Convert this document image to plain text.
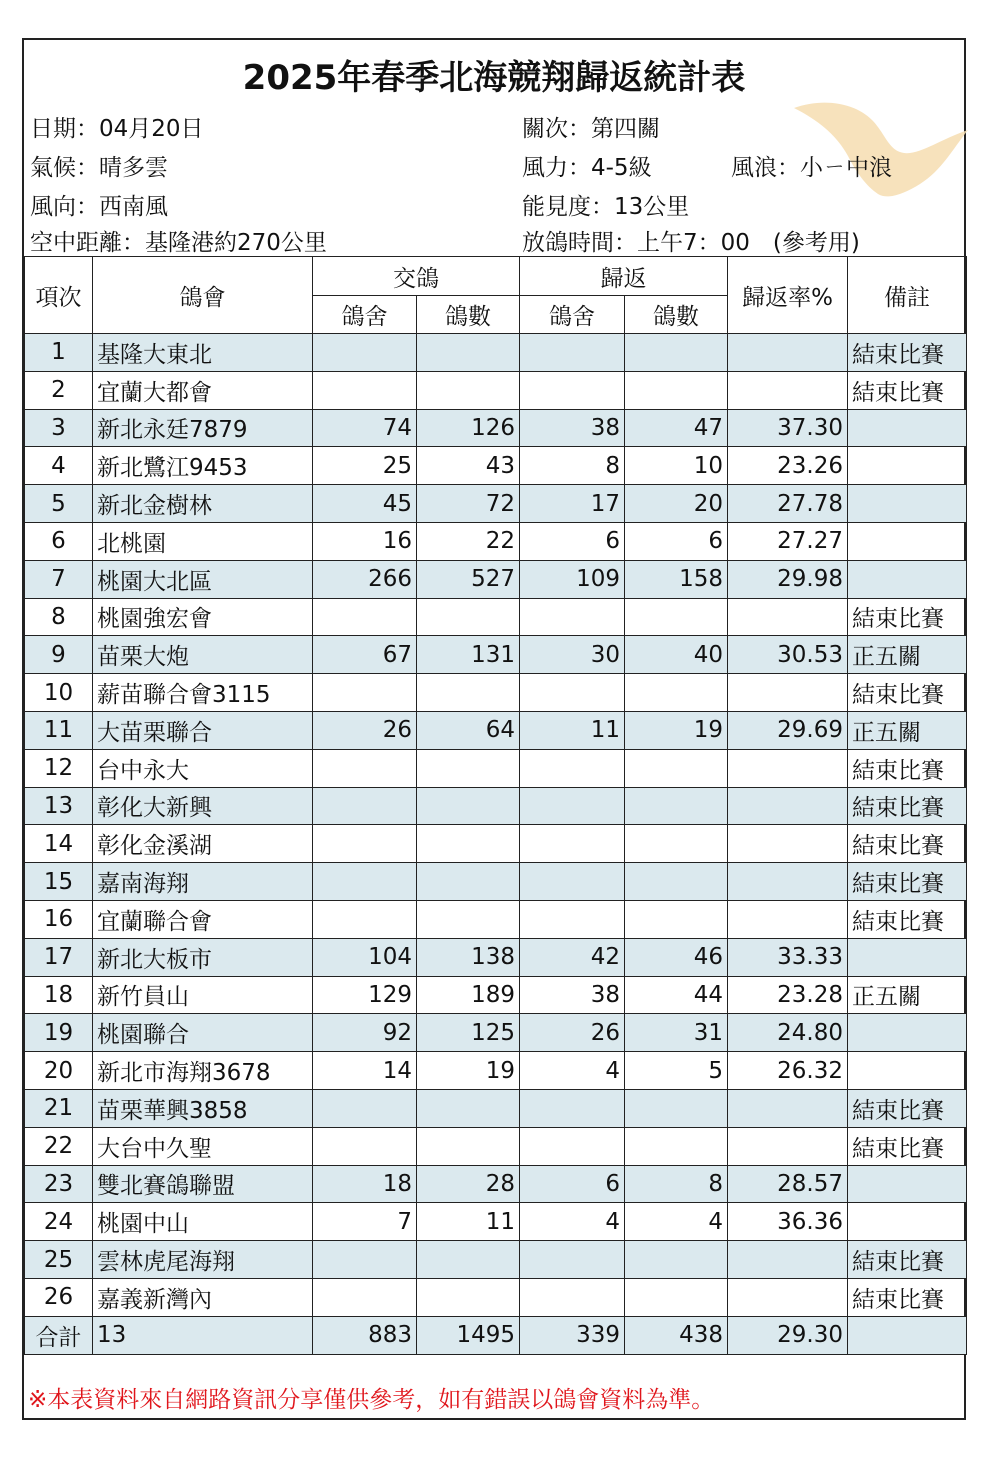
2025年春季北海競翔歸返統計表
日期：04月20日	關次：第四關
氣候：晴多雲	風力：4-5級	風浪：小ㄧ中浪
風向：西南風	能見度：13公里
空中距離：基隆港約270公里	放鴿時間：上午7：00　(參考用)
項次	鴿會	交鴿		歸返		歸返率%	備註
		鴿舍	鴿數	鴿舍	鴿數		
1	基隆大東北						結束比賽
2	宜蘭大都會						結束比賽
3	新北永廷7879	74	126	38	47	37.30	
4	新北鷺江9453	25	43	8	10	23.26	
5	新北金樹林	45	72	17	20	27.78	
6	北桃園	16	22	6	6	27.27	
7	桃園大北區	266	527	109	158	29.98	
8	桃園強宏會						結束比賽
9	苗栗大炮	67	131	30	40	30.53	正五關
10	薪苗聯合會3115						結束比賽
11	大苗栗聯合	26	64	11	19	29.69	正五關
12	台中永大						結束比賽
13	彰化大新興						結束比賽
14	彰化金溪湖						結束比賽
15	嘉南海翔						結束比賽
16	宜蘭聯合會						結束比賽
17	新北大板市	104	138	42	46	33.33	
18	新竹員山	129	189	38	44	23.28	正五關
19	桃園聯合	92	125	26	31	24.80	
20	新北市海翔3678	14	19	4	5	26.32	
21	苗栗華興3858						結束比賽
22	大台中久聖						結束比賽
23	雙北賽鴿聯盟	18	28	6	8	28.57	
24	桃園中山	7	11	4	4	36.36	
25	雲林虎尾海翔						結束比賽
26	嘉義新灣內						結束比賽
合計	13	883	1495	339	438	29.30	
※本表資料來自網路資訊分享僅供參考，如有錯誤以鴿會資料為準。
